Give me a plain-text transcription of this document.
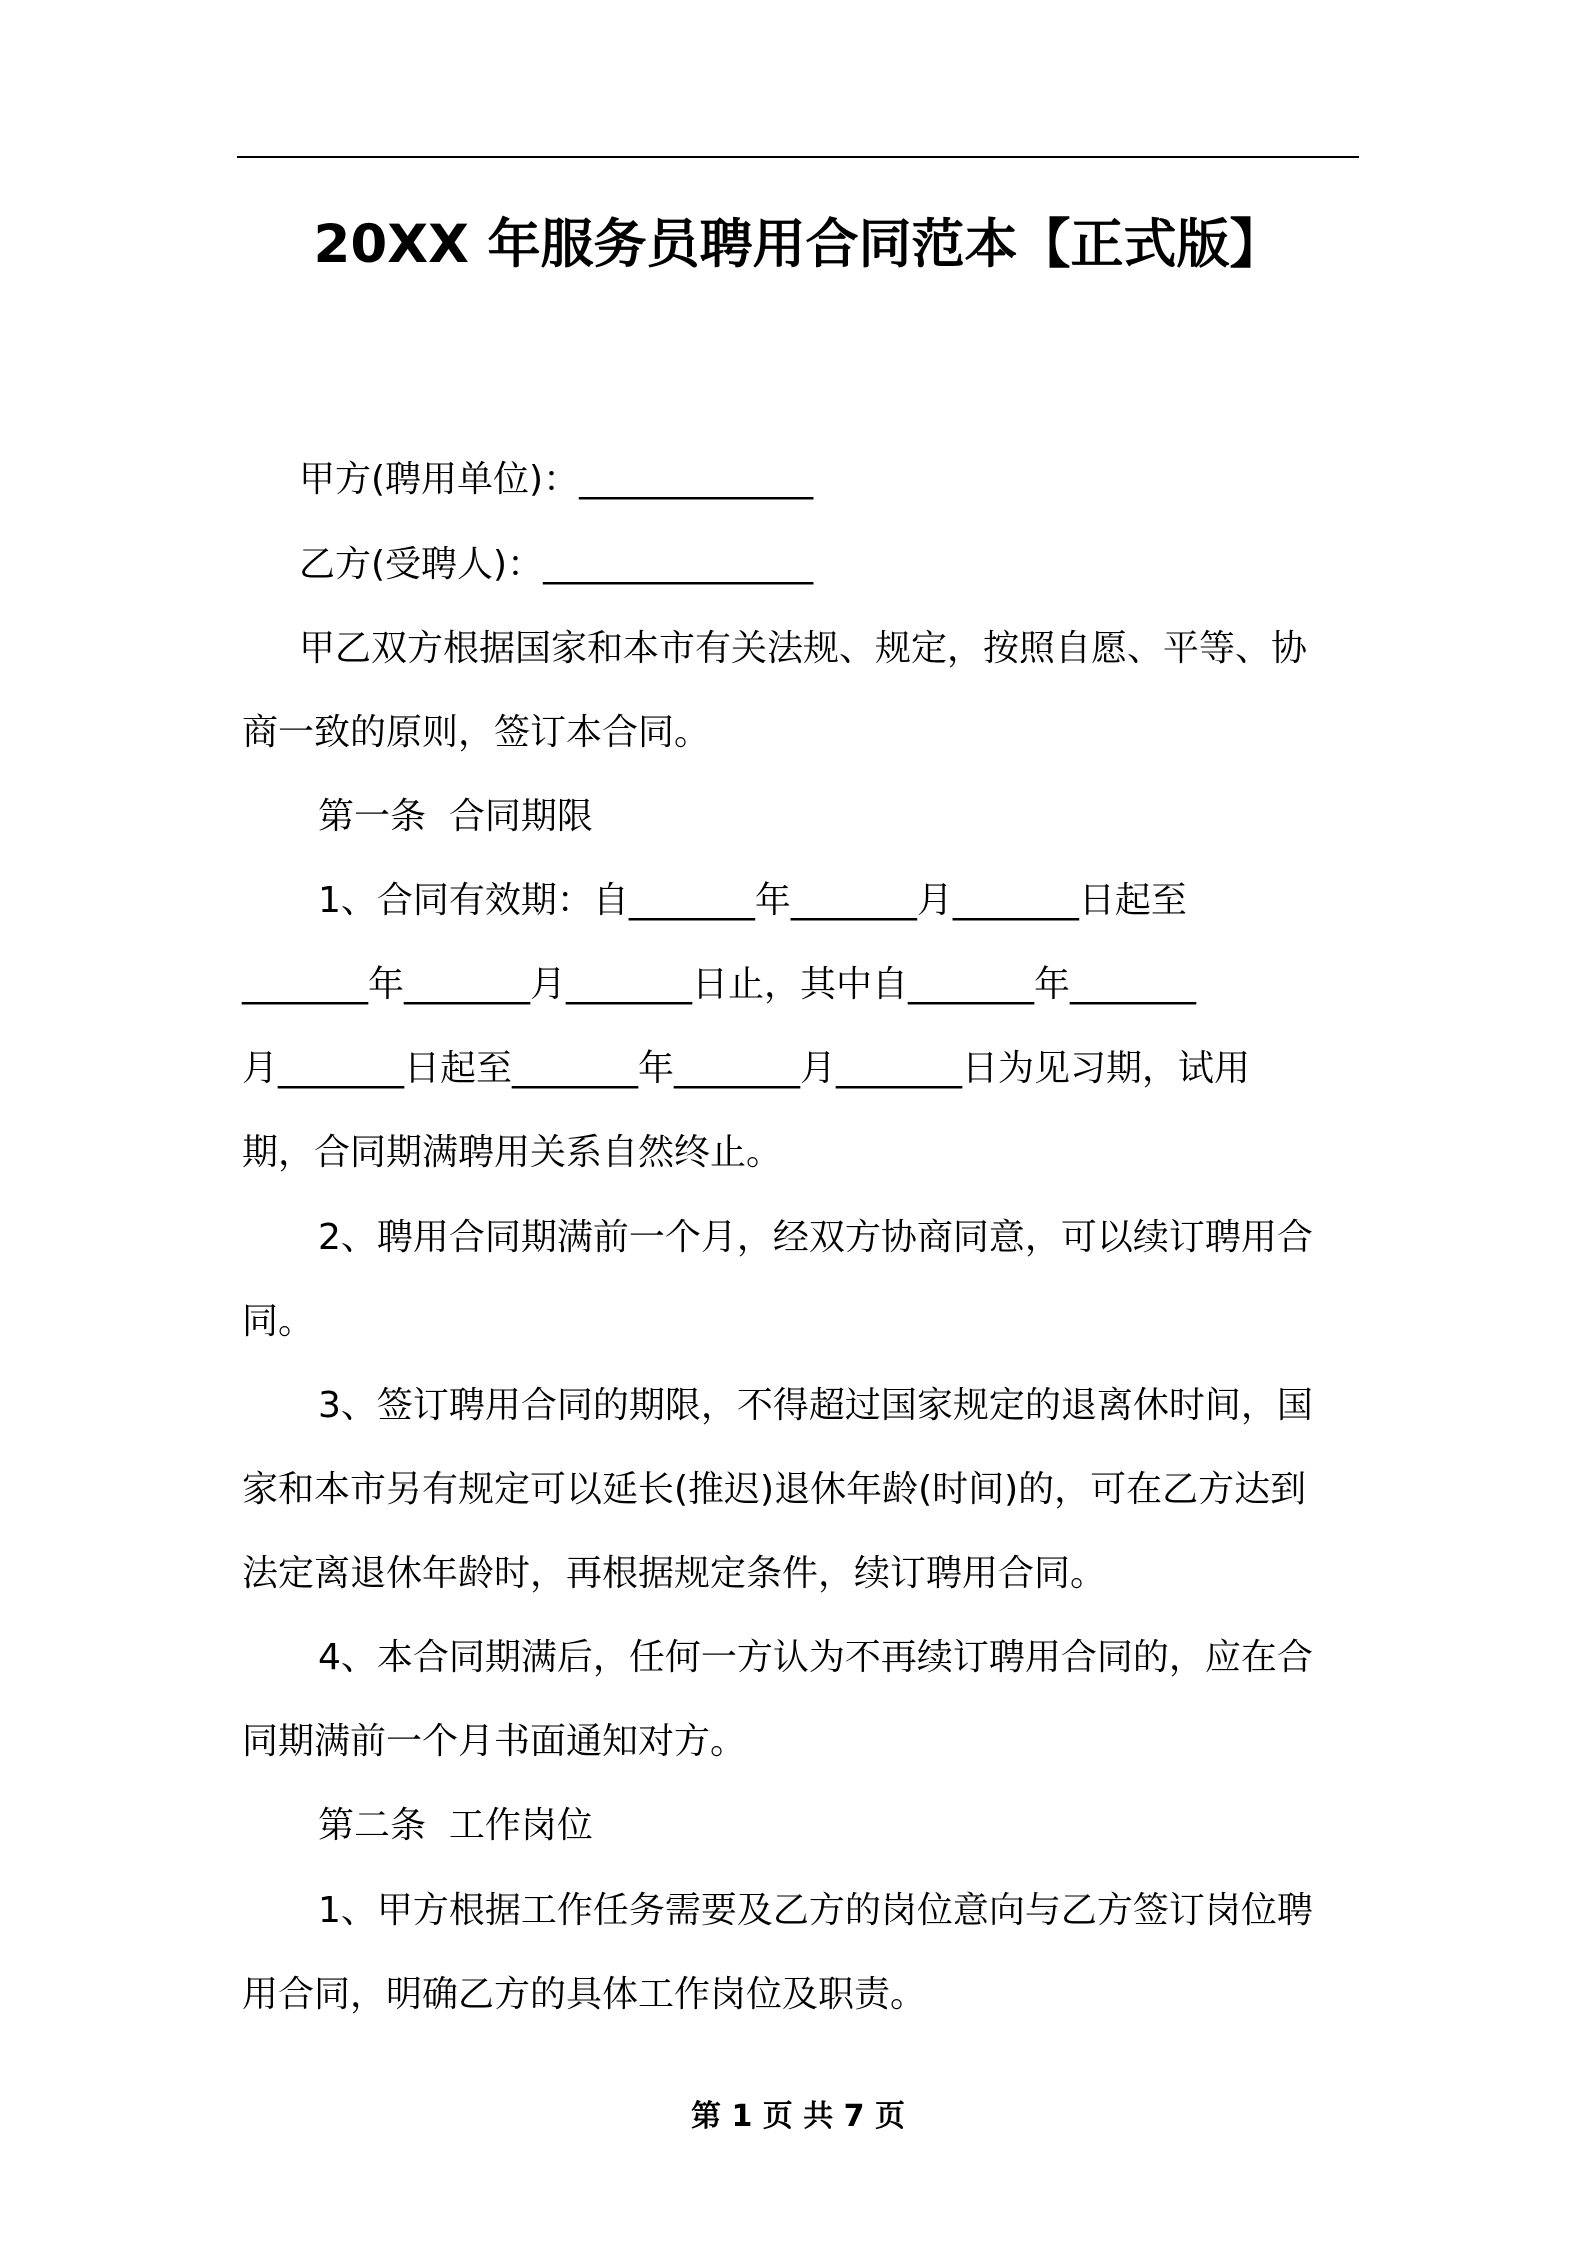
20XX 年服务员聘用合同范本【正式版】
甲方(聘用单位)：_____________
乙方(受聘人)：_______________
甲乙双方根据国家和本市有关法规、规定，按照自愿、平等、协
商一致的原则，签订本合同。
第一条  合同期限
1、合同有效期：自_______年_______月_______日起至
_______年_______月_______日止，其中自_______年_______
月_______日起至_______年_______月_______日为见习期，试用
期，合同期满聘用关系自然终止。
2、聘用合同期满前一个月，经双方协商同意，可以续订聘用合
同。
3、签订聘用合同的期限，不得超过国家规定的退离休时间，国
家和本市另有规定可以延长(推迟)退休年龄(时间)的，可在乙方达到
法定离退休年龄时，再根据规定条件，续订聘用合同。
4、本合同期满后，任何一方认为不再续订聘用合同的，应在合
同期满前一个月书面通知对方。
第二条  工作岗位
1、甲方根据工作任务需要及乙方的岗位意向与乙方签订岗位聘
用合同，明确乙方的具体工作岗位及职责。
第 1 页 共 7 页
